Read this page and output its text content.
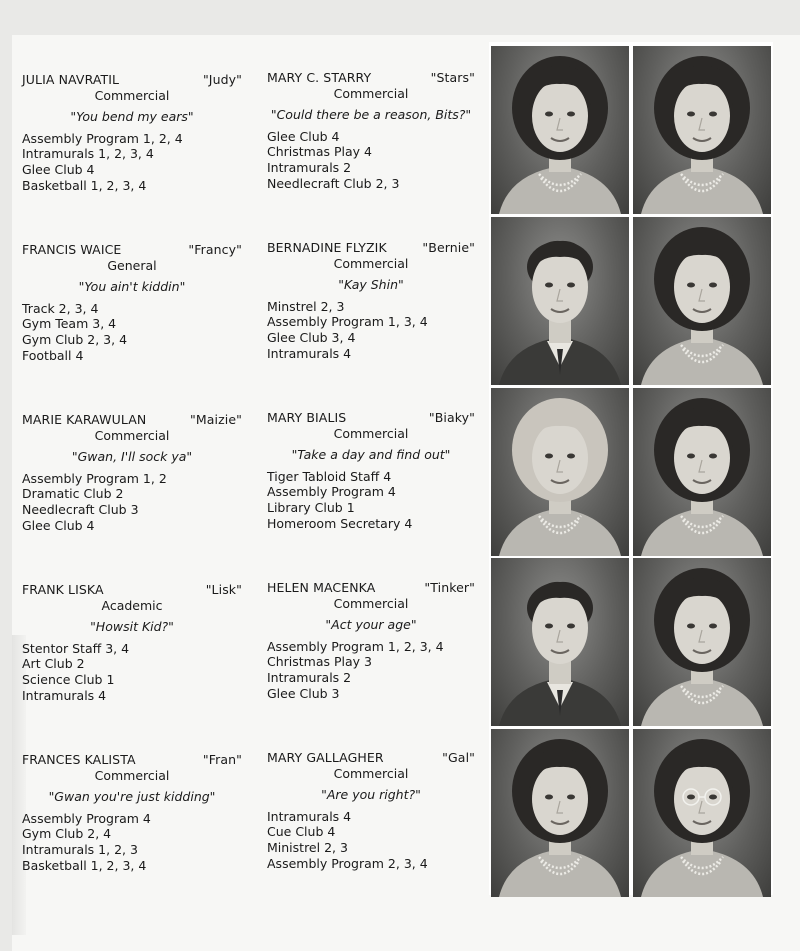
JULIA NAVRATIL	"Judy"
Commercial
"You bend my ears"
Assembly Program 1, 2, 4
Intramurals 1, 2, 3, 4
Glee Club 4
Basketball 1, 2, 3, 4
MARY C. STARRY	"Stars"
Commercial
"Could there be a reason, Bits?"
Glee Club 4
Christmas Play 4
Intramurals 2
Needlecraft Club 2, 3
FRANCIS WAICE	"Francy"
General
"You ain't kiddin"
Track 2, 3, 4
Gym Team 3, 4
Gym Club 2, 3, 4
Football 4
BERNADINE FLYZIK	"Bernie"
Commercial
"Kay Shin"
Minstrel 2, 3
Assembly Program 1, 3, 4
Glee Club 3, 4
Intramurals 4
MARIE KARAWULAN	"Maizie"
Commercial
"Gwan, I'll sock ya"
Assembly Program 1, 2
Dramatic Club 2
Needlecraft Club 3
Glee Club 4
MARY BIALIS	"Biaky"
Commercial
"Take a day and find out"
Tiger Tabloid Staff 4
Assembly Program 4
Library Club 1
Homeroom Secretary 4
FRANK LISKA	"Lisk"
Academic
"Howsit Kid?"
Stentor Staff 3, 4
Art Club 2
Science Club 1
Intramurals 4
HELEN MACENKA	"Tinker"
Commercial
"Act your age"
Assembly Program 1, 2, 3, 4
Christmas Play 3
Intramurals 2
Glee Club 3
FRANCES KALISTA	"Fran"
Commercial
"Gwan you're just kidding"
Assembly Program 4
Gym Club 2, 4
Intramurals 1, 2, 3
Basketball 1, 2, 3, 4
MARY GALLAGHER	"Gal"
Commercial
"Are you right?"
Intramurals 4
Cue Club 4
Ministrel 2, 3
Assembly Program 2, 3, 4
